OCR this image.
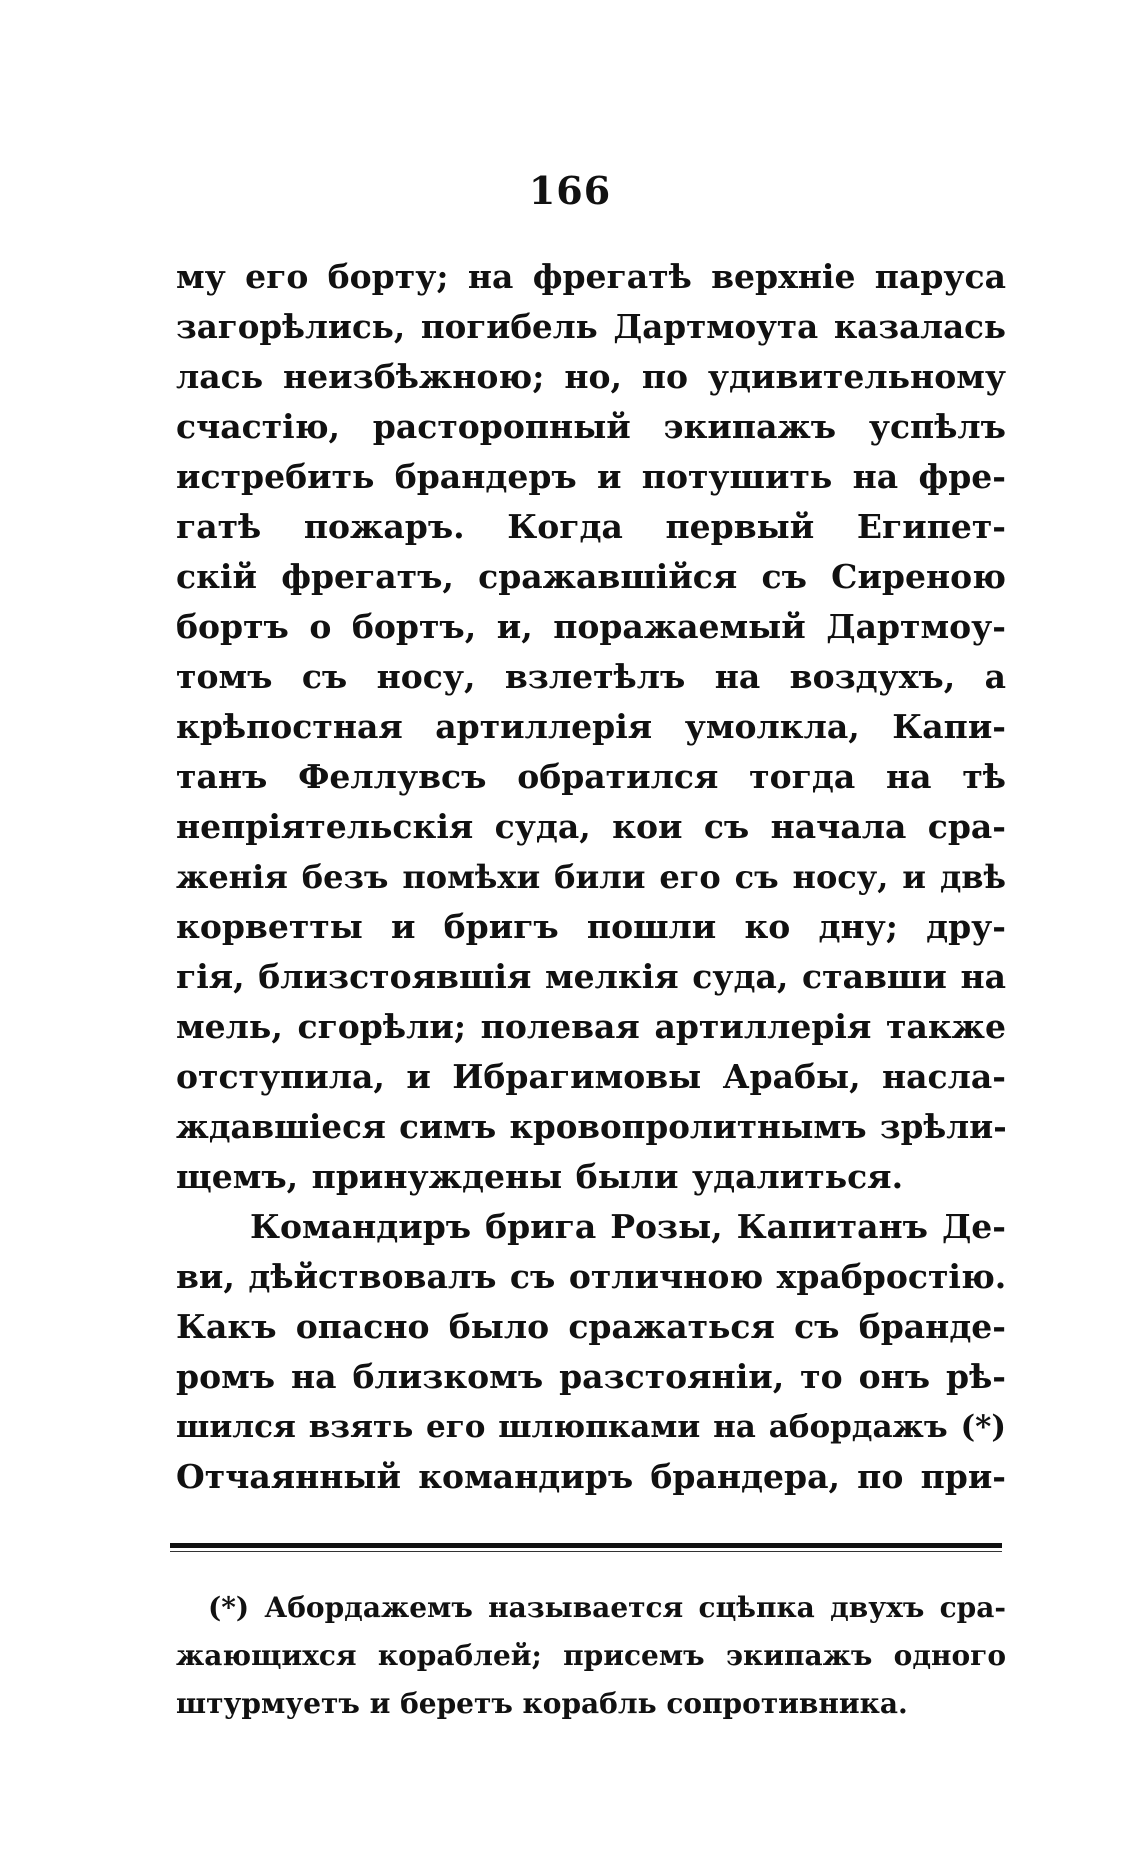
166
му его борту; на фрегатѣ верхніе паруса
загорѣлись, погибель Дартмоута казалась
лась неизбѣжною; но, по удивительному
счастію, расторопный экипажъ успѣлъ
истребить брандеръ и потушить на фре-
гатѣ пожаръ. Когда первый Египет-
скій фрегатъ, сражавшійся съ Сиреною
бортъ о бортъ, и, поражаемый Дартмоу-
томъ съ носу, взлетѣлъ на воздухъ, а
крѣпостная артиллерія умолкла, Капи-
танъ Феллувсъ обратился тогда на тѣ
непріятельскія суда, кои съ начала сра-
женія безъ помѣхи били его съ носу, и двѣ
корветты и бригъ пошли ко дну; дру-
гія, близстоявшія мелкія суда, ставши на
мель, сгорѣли; полевая артиллерія также
отступила, и Ибрагимовы Арабы, насла-
ждавшіеся симъ кровопролитнымъ зрѣли-
щемъ, принуждены были удалиться.
Командиръ брига Розы, Капитанъ Де-
ви, дѣйствовалъ съ отличною храбростію.
Какъ опасно было сражаться съ бранде-
ромъ на близкомъ разстояніи, то онъ рѣ-
шился взять его шлюпками на абордажъ (*)
Отчаянный командиръ брандера, по при-
(*) Абордажемъ называется сцѣпка двухъ сра-
жающихся кораблей; присемъ экипажъ одного
штурмуетъ и беретъ корабль сопротивника.
